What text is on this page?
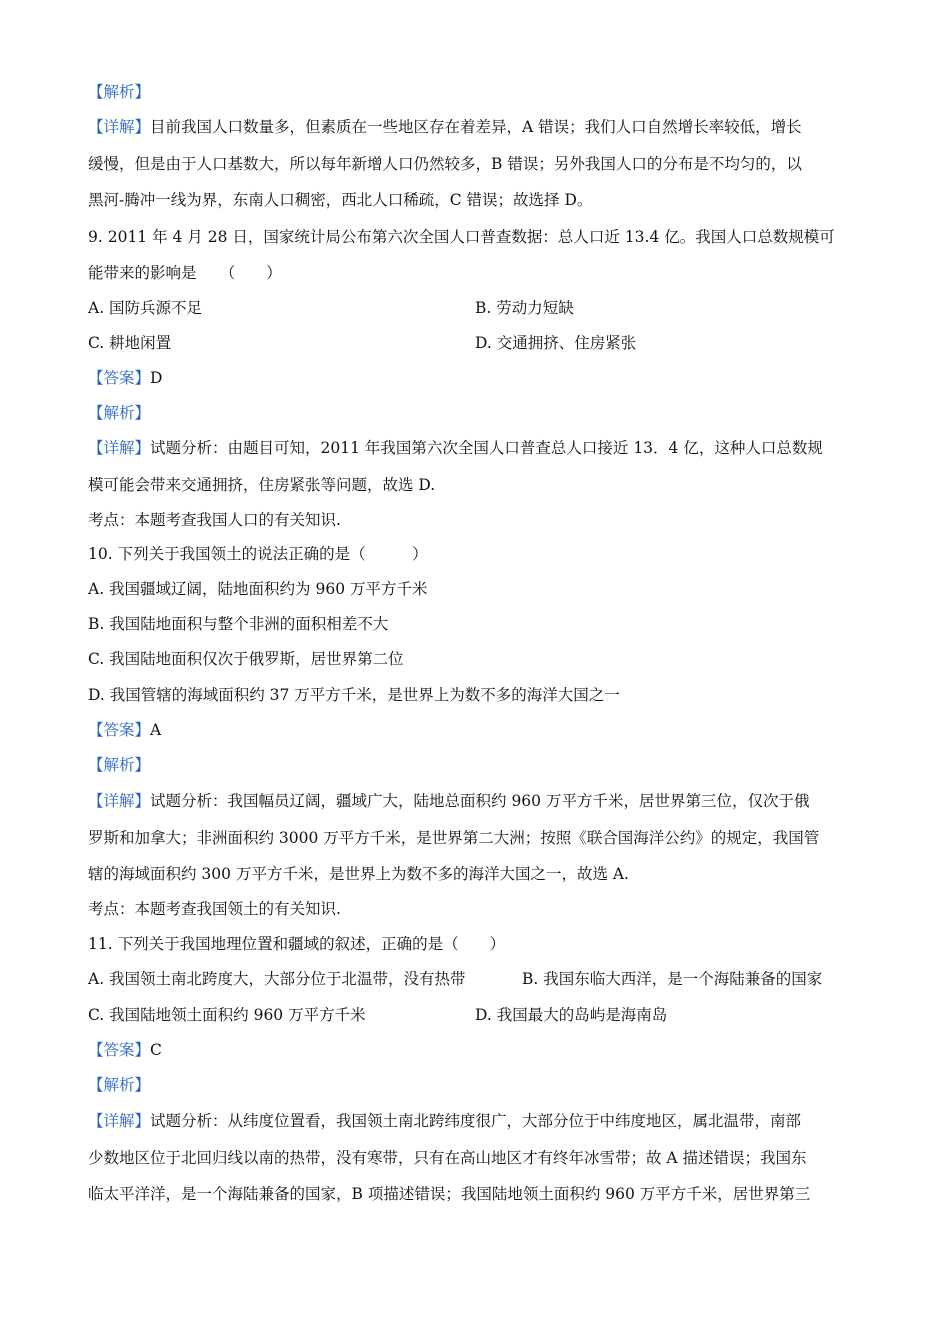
【解析】
【详解】目前我国人口数量多，但素质在一些地区存在着差异，A 错误；我们人口自然增长率较低，增长
缓慢，但是由于人口基数大，所以每年新增人口仍然较多，B 错误；另外我国人口的分布是不均匀的，以
黑河-腾冲一线为界，东南人口稠密，西北人口稀疏，C 错误；故选择 D。
9. 2011 年 4 月 28 日，国家统计局公布第六次全国人口普查数据：总人口近 13.4 亿。我国人口总数规模可
能带来的影响是　　（　　）
A. 国防兵源不足	B. 劳动力短缺
C. 耕地闲置	D. 交通拥挤、住房紧张
【答案】D
【解析】
【详解】试题分析：由题目可知，2011 年我国第六次全国人口普查总人口接近 13．4 亿，这种人口总数规
模可能会带来交通拥挤，住房紧张等问题，故选 D.
考点：本题考查我国人口的有关知识.
10. 下列关于我国领土的说法正确的是（　　　）
A. 我国疆域辽阔，陆地面积约为 960 万平方千米
B. 我国陆地面积与整个非洲的面积相差不大
C. 我国陆地面积仅次于俄罗斯，居世界第二位
D. 我国管辖的海域面积约 37 万平方千米，是世界上为数不多的海洋大国之一
【答案】A
【解析】
【详解】试题分析：我国幅员辽阔，疆域广大，陆地总面积约 960 万平方千米，居世界第三位，仅次于俄
罗斯和加拿大；非洲面积约 3000 万平方千米，是世界第二大洲；按照《联合国海洋公约》的规定，我国管
辖的海域面积约 300 万平方千米，是世界上为数不多的海洋大国之一，故选 A.
考点：本题考查我国领土的有关知识.
11. 下列关于我国地理位置和疆域的叙述，正确的是（　　）
A. 我国领土南北跨度大，大部分位于北温带，没有热带	B. 我国东临大西洋，是一个海陆兼备的国家
C. 我国陆地领土面积约 960 万平方千米	D. 我国最大的岛屿是海南岛
【答案】C
【解析】
【详解】试题分析：从纬度位置看，我国领土南北跨纬度很广，大部分位于中纬度地区，属北温带，南部
少数地区位于北回归线以南的热带，没有寒带，只有在高山地区才有终年冰雪带；故 A 描述错误；我国东
临太平洋洋，是一个海陆兼备的国家，B 项描述错误；我国陆地领土面积约 960 万平方千米，居世界第三
